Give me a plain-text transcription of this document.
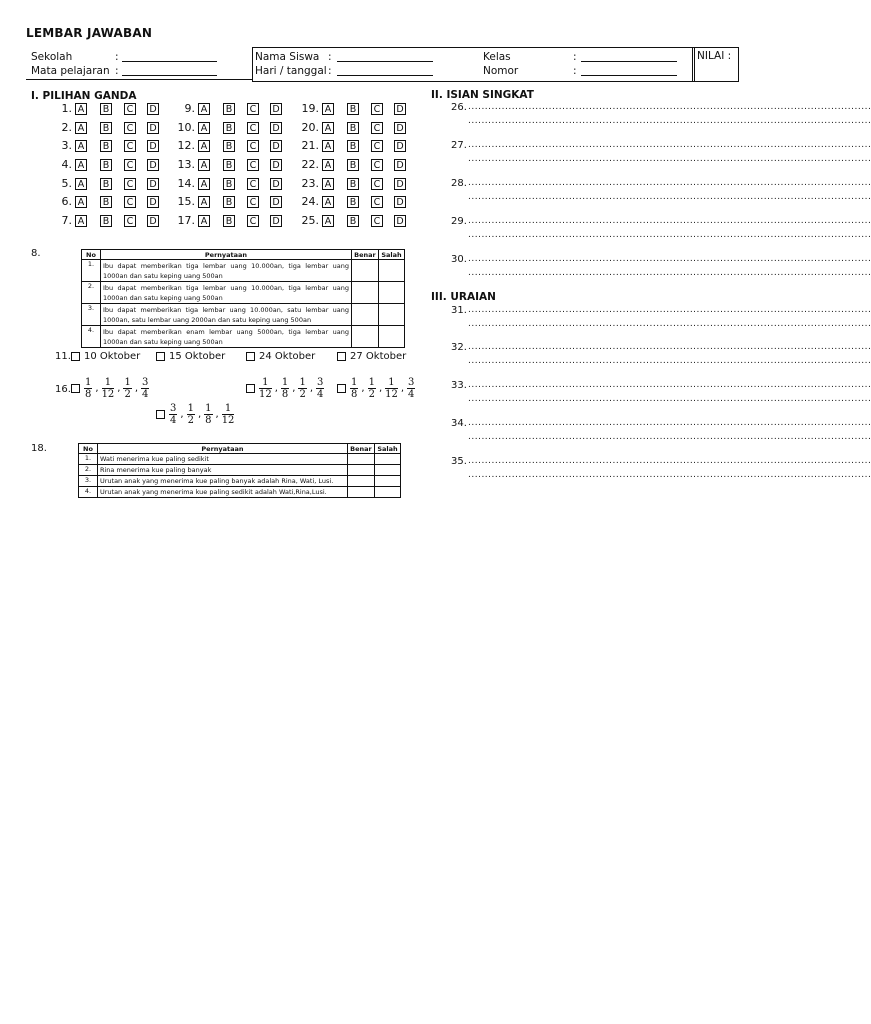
LEMBAR JAWABAN
Sekolah	:
Mata pelajaran :
NILAI :
Nama Siswa :
Hari / tanggal :
Kelas	:
Nomor	:
I. PILIHAN GANDA	II. ISIAN SINGKAT
III. URAIAN
1. A B C D
2. A B C D
3. A B C D
4. A B C D
5. A B C D
6. A B C D
7. A B C D
9. A B C D
10. A B C D
12. A B C D
13. A B C D
14. A B C D
15. A B C D
17. A B C D
19. A B C D
20. A B C D
21. A B C D
22. A B C D
23. A B C D
24. A B C D
25. A B C D
8.	No	Pernyataan	Benar	Salah
1.	Ibu dapat memberikan tiga lembar uang 10.000an, tiga lembar uang 1000an dan satu keping uang 500an		
2.	Ibu dapat memberikan tiga lembar uang 10.000an, tiga lembar uang 1000an dan satu keping uang 500an		
3.	Ibu dapat memberikan tiga lembar uang 10.000an, satu lembar uang 1000an, satu lembar uang 2000an dan satu keping uang 500an		
4.	Ibu dapat memberikan enam lembar uang 5000an, tiga lembar uang 1000an dan satu keping uang 500an		
11.	10 Oktober	15 Oktober	24 Oktober	27 Oktober
16. $\frac{1}{8}$ , $\frac{1}{12}$ , $\frac{1}{2}$ , $\frac{3}{4}$	$\frac{1}{12}$ , $\frac{1}{8}$ , $\frac{1}{2}$ , $\frac{3}{4}$	$\frac{1}{8}$ , $\frac{1}{2}$ , $\frac{1}{12}$ , $\frac{3}{4}$
$\frac{3}{4}$ , $\frac{1}{2}$ , $\frac{1}{8}$ , $\frac{1}{12}$
18.	No	Pernyataan	Benar	Salah
1.	Wati menerima kue paling sedikit		
2.	Rina menerima kue paling banyak		
3.	Urutan anak yang menerima kue paling banyak adalah Rina, Wati, Lusi.		
4.	Urutan anak yang menerima kue paling sedikit adalah Wati,Rina,Lusi.		
26. ........................................................................................................................
........................................................................................................................
27. ........................................................................................................................
........................................................................................................................
28. ........................................................................................................................
........................................................................................................................
29. ........................................................................................................................
........................................................................................................................
30. ........................................................................................................................
........................................................................................................................
31. ........................................................................................................................
........................................................................................................................
32. ........................................................................................................................
........................................................................................................................
33. ........................................................................................................................
........................................................................................................................
34. ........................................................................................................................
........................................................................................................................
35. ........................................................................................................................
........................................................................................................................
